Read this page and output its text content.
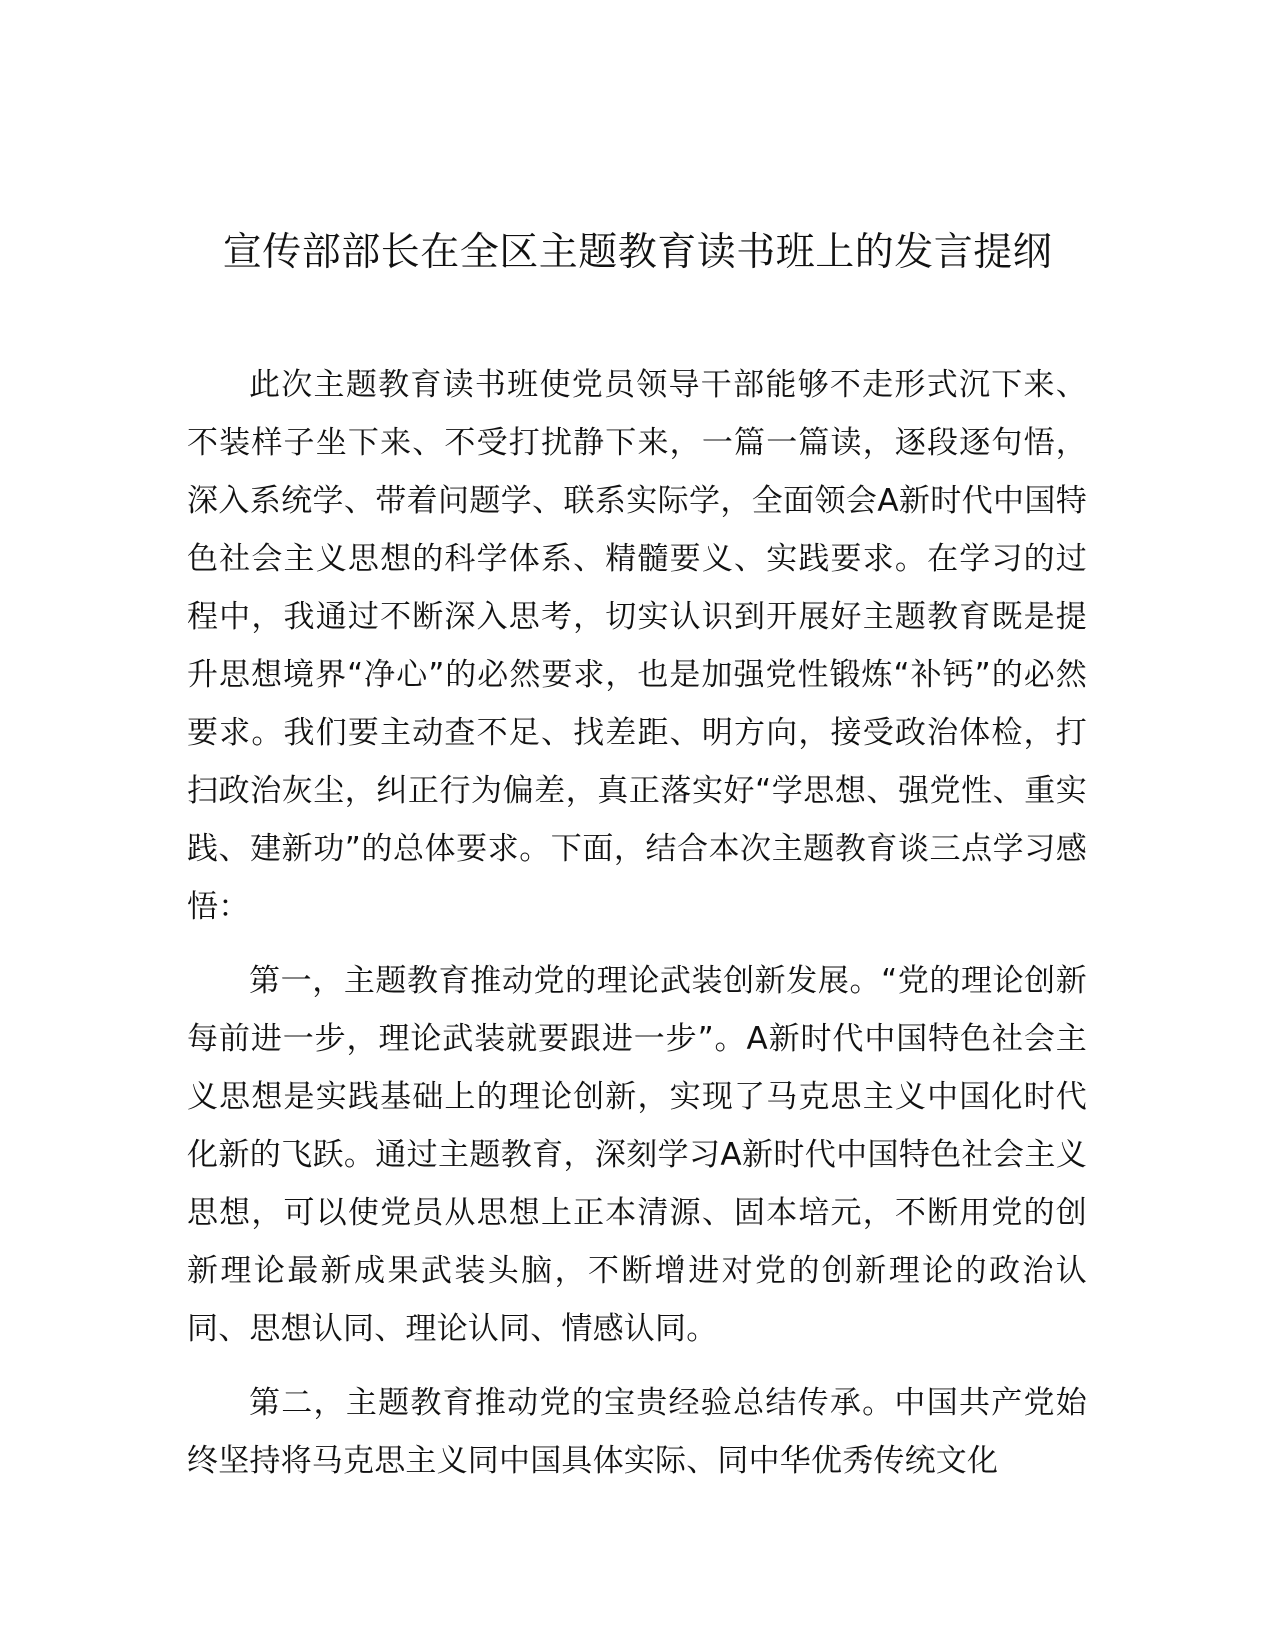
宣传部部长在全区主题教育读书班上的发言提纲

此次主题教育读书班使党员领导干部能够不走形式沉下来、不装样子坐下来、不受打扰静下来，一篇一篇读，逐段逐句悟，深入系统学、带着问题学、联系实际学，全面领会A新时代中国特色社会主义思想的科学体系、精髓要义、实践要求。在学习的过程中，我通过不断深入思考，切实认识到开展好主题教育既是提升思想境界“净心”的必然要求，也是加强党性锻炼“补钙”的必然要求。我们要主动查不足、找差距、明方向，接受政治体检，打扫政治灰尘，纠正行为偏差，真正落实好“学思想、强党性、重实践、建新功”的总体要求。下面，结合本次主题教育谈三点学习感悟：

第一，主题教育推动党的理论武装创新发展。“党的理论创新每前进一步，理论武装就要跟进一步”。A新时代中国特色社会主义思想是实践基础上的理论创新，实现了马克思主义中国化时代化新的飞跃。通过主题教育，深刻学习A新时代中国特色社会主义思想，可以使党员从思想上正本清源、固本培元，不断用党的创新理论最新成果武装头脑，不断增进对党的创新理论的政治认同、思想认同、理论认同、情感认同。

第二，主题教育推动党的宝贵经验总结传承。中国共产党始终坚持将马克思主义同中国具体实际、同中华优秀传统文化
